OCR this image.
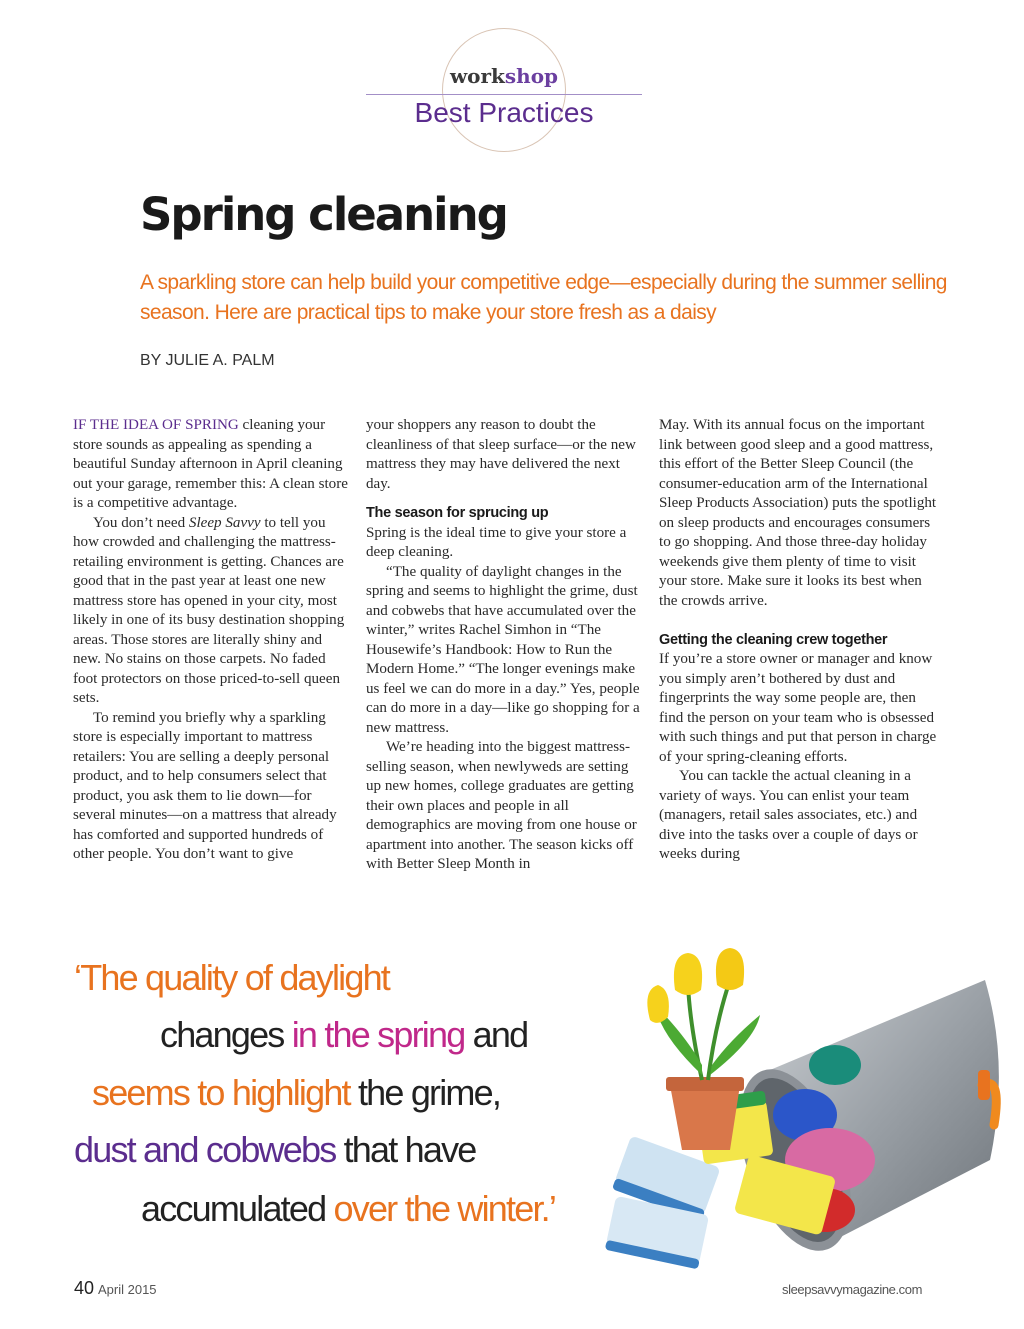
workshop
Best Practices
Spring cleaning
A sparkling store can help build your competitive edge—especially during the summer selling season. Here are practical tips to make your store fresh as a daisy
BY JULIE A. PALM

IF THE IDEA OF SPRING cleaning your store sounds as appealing as spending a beautiful Sunday afternoon in April cleaning out your garage, remember this: A clean store is a competitive advantage.

You don’t need Sleep Savvy to tell you how crowded and challenging the mattress-retailing environment is getting. Chances are good that in the past year at least one new mattress store has opened in your city, most likely in one of its busy destination shopping areas. Those stores are literally shiny and new. No stains on those carpets. No faded foot protectors on those priced-to-sell queen sets.

To remind you briefly why a sparkling store is especially important to mattress retailers: You are selling a deeply personal product, and to help consumers select that product, you ask them to lie down—for several minutes—on a mattress that already has comforted and supported hundreds of other people. You don’t want to give

your shoppers any reason to doubt the cleanliness of that sleep surface—or the new mattress they may have delivered the next day.

The season for sprucing up

Spring is the ideal time to give your store a deep cleaning.

“The quality of daylight changes in the spring and seems to highlight the grime, dust and cobwebs that have accumulated over the winter,” writes Rachel Simhon in “The Housewife’s Handbook: How to Run the Modern Home.” “The longer evenings make us feel we can do more in a day.” Yes, people can do more in a day—like go shopping for a new mattress.

We’re heading into the biggest mattress-selling season, when newlyweds are setting up new homes, college graduates are getting their own places and people in all demographics are moving from one house or apartment into another. The season kicks off with Better Sleep Month in

May. With its annual focus on the important link between good sleep and a good mattress, this effort of the Better Sleep Council (the consumer-education arm of the International Sleep Products Association) puts the spotlight on sleep products and encourages consumers to go shopping. And those three-day holiday weekends give them plenty of time to visit your store. Make sure it looks its best when the crowds arrive.

Getting the cleaning crew together

If you’re a store owner or manager and know you simply aren’t bothered by dust and fingerprints the way some people are, then find the person on your team who is obsessed with such things and put that person in charge of your spring-cleaning efforts.

You can tackle the actual cleaning in a variety of ways. You can enlist your team (managers, retail sales associates, etc.) and dive into the tasks over a couple of days or weeks during

‘The quality of daylight
changes in the spring and
seems to highlight the grime,
dust and cobwebs that have
accumulated over the winter.’
40 April 2015	sleepsavvymagazine.com
